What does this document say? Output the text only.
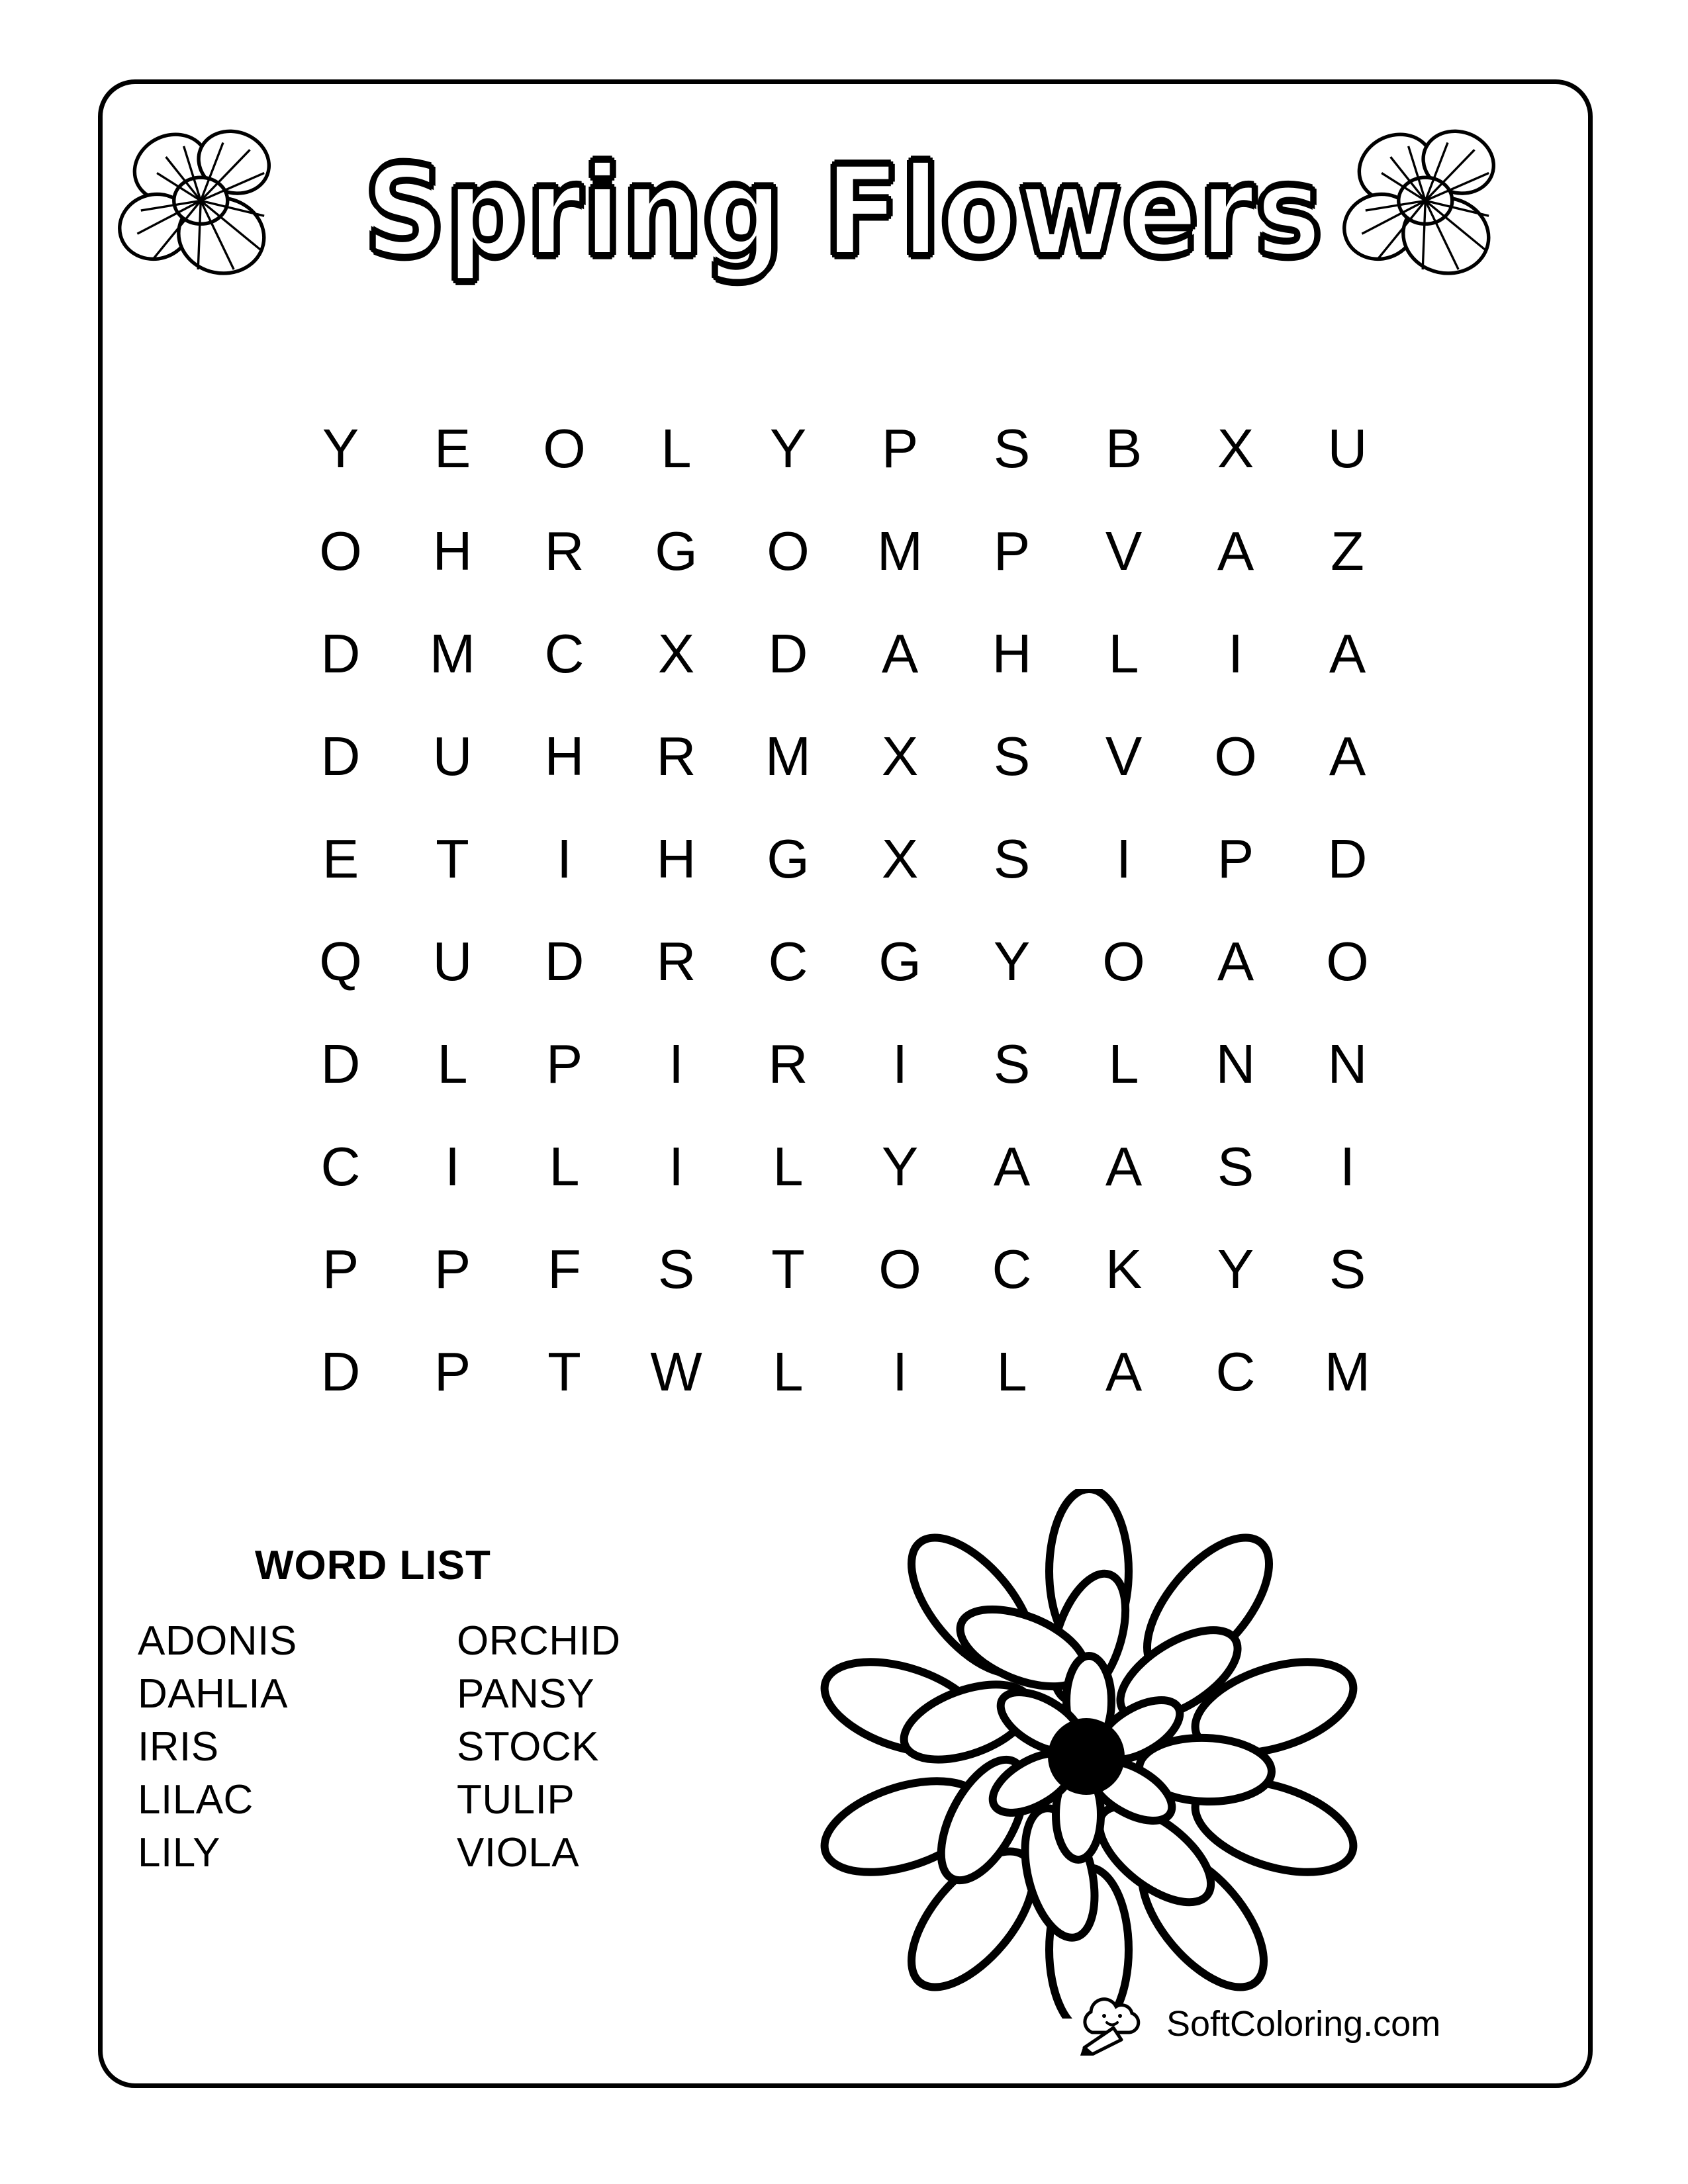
Spring Flowers
Y	E	O	L	Y	P	S	B	X	U
O	H	R	G	O	M	P	V	A	Z
D	M	C	X	D	A	H	L	I	A
D	U	H	R	M	X	S	V	O	A
E	T	I	H	G	X	S	I	P	D
Q	U	D	R	C	G	Y	O	A	O
D	L	P	I	R	I	S	L	N	N
C	I	L	I	L	Y	A	A	S	I
P	P	F	S	T	O	C	K	Y	S
D	P	T	W	L	I	L	A	C	M
WORD LIST
ADONIS
DAHLIA
IRIS
LILAC
LILY
ORCHID
PANSY
STOCK
TULIP
VIOLA
SoftColoring.com
